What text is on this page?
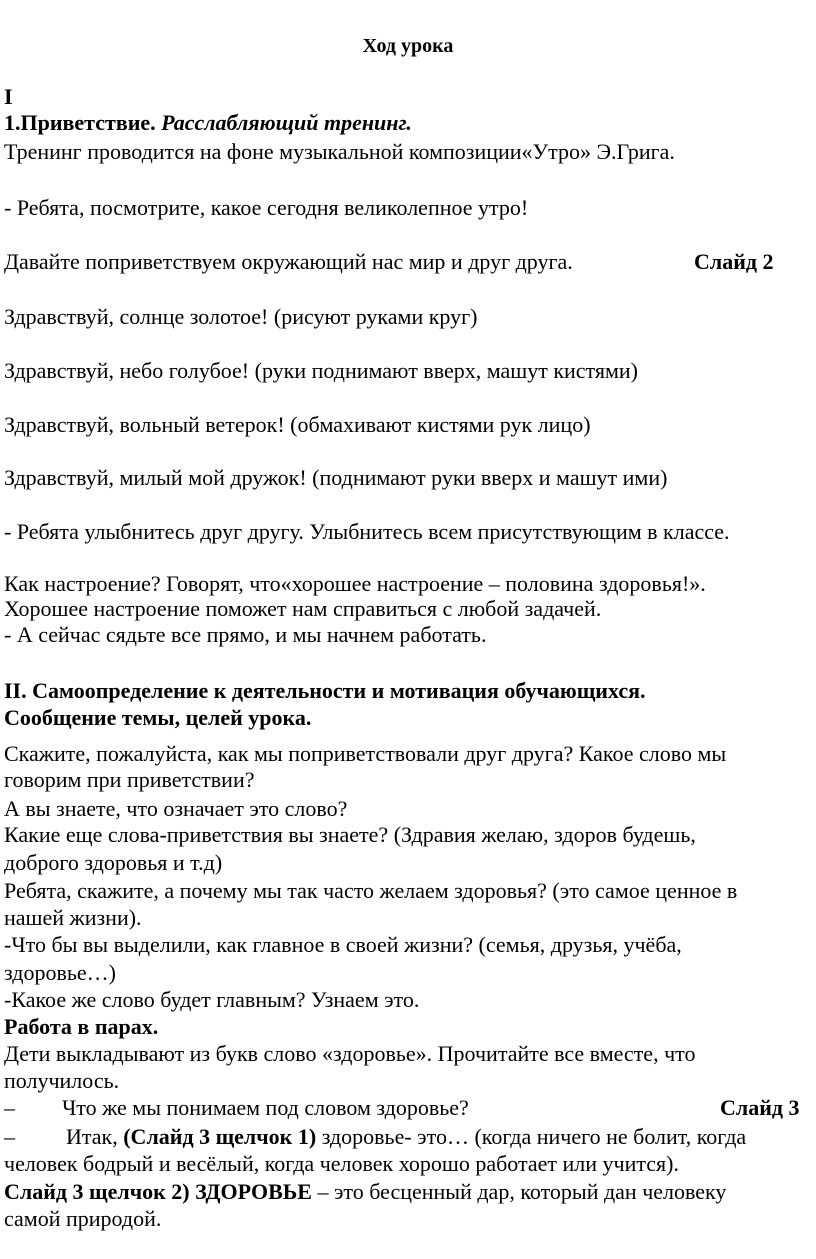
Ход урока

I

1.Приветствие. Расслабляющий тренинг.

Тренинг проводится на фоне музыкальной композиции«Утро» Э.Грига.

- Ребята, посмотрите, какое сегодня великолепное утро!

Давайте поприветствуем окружающий нас мир и друг друга.	Слайд 2

Здравствуй, солнце золотое! (рисуют руками круг)

Здравствуй, небо голубое! (руки поднимают вверх, машут кистями)

Здравствуй, вольный ветерок! (обмахивают кистями рук лицо)

Здравствуй, милый мой дружок! (поднимают руки вверх и машут ими)

- Ребята улыбнитесь друг другу. Улыбнитесь всем присутствующим в классе.

Как настроение? Говорят, что«хорошее настроение – половина здоровья!».

Хорошее настроение поможет нам справиться с любой задачей.

- А сейчас сядьте все прямо, и мы начнем работать.

II. Самоопределение к деятельности и мотивация обучающихся.

Сообщение темы, целей урока.

Скажите, пожалуйста, как мы поприветствовали друг друга? Какое слово мы

говорим при приветствии?

А вы знаете, что означает это слово?

Какие еще слова-приветствия вы знаете? (Здравия желаю, здоров будешь,

доброго здоровья и т.д)

Ребята, скажите, а почему мы так часто желаем здоровья? (это самое ценное в

нашей жизни).

-Что бы вы выделили, как главное в своей жизни? (семья, друзья, учёба,

здоровье…)

-Какое же слово будет главным? Узнаем это.

Работа в парах.

Дети выкладывают из букв слово «здоровье». Прочитайте все вместе, что

получилось.

– Что же мы понимаем под словом здоровье?	Слайд 3
– Итак, (Слайд 3 щелчок 1) здоровье- это… (когда ничего не болит, когда

человек бодрый и весёлый, когда человек хорошо работает или учится).

Слайд 3 щелчок 2) ЗДОРОВЬЕ – это бесценный дар, который дан человеку

самой природой.
